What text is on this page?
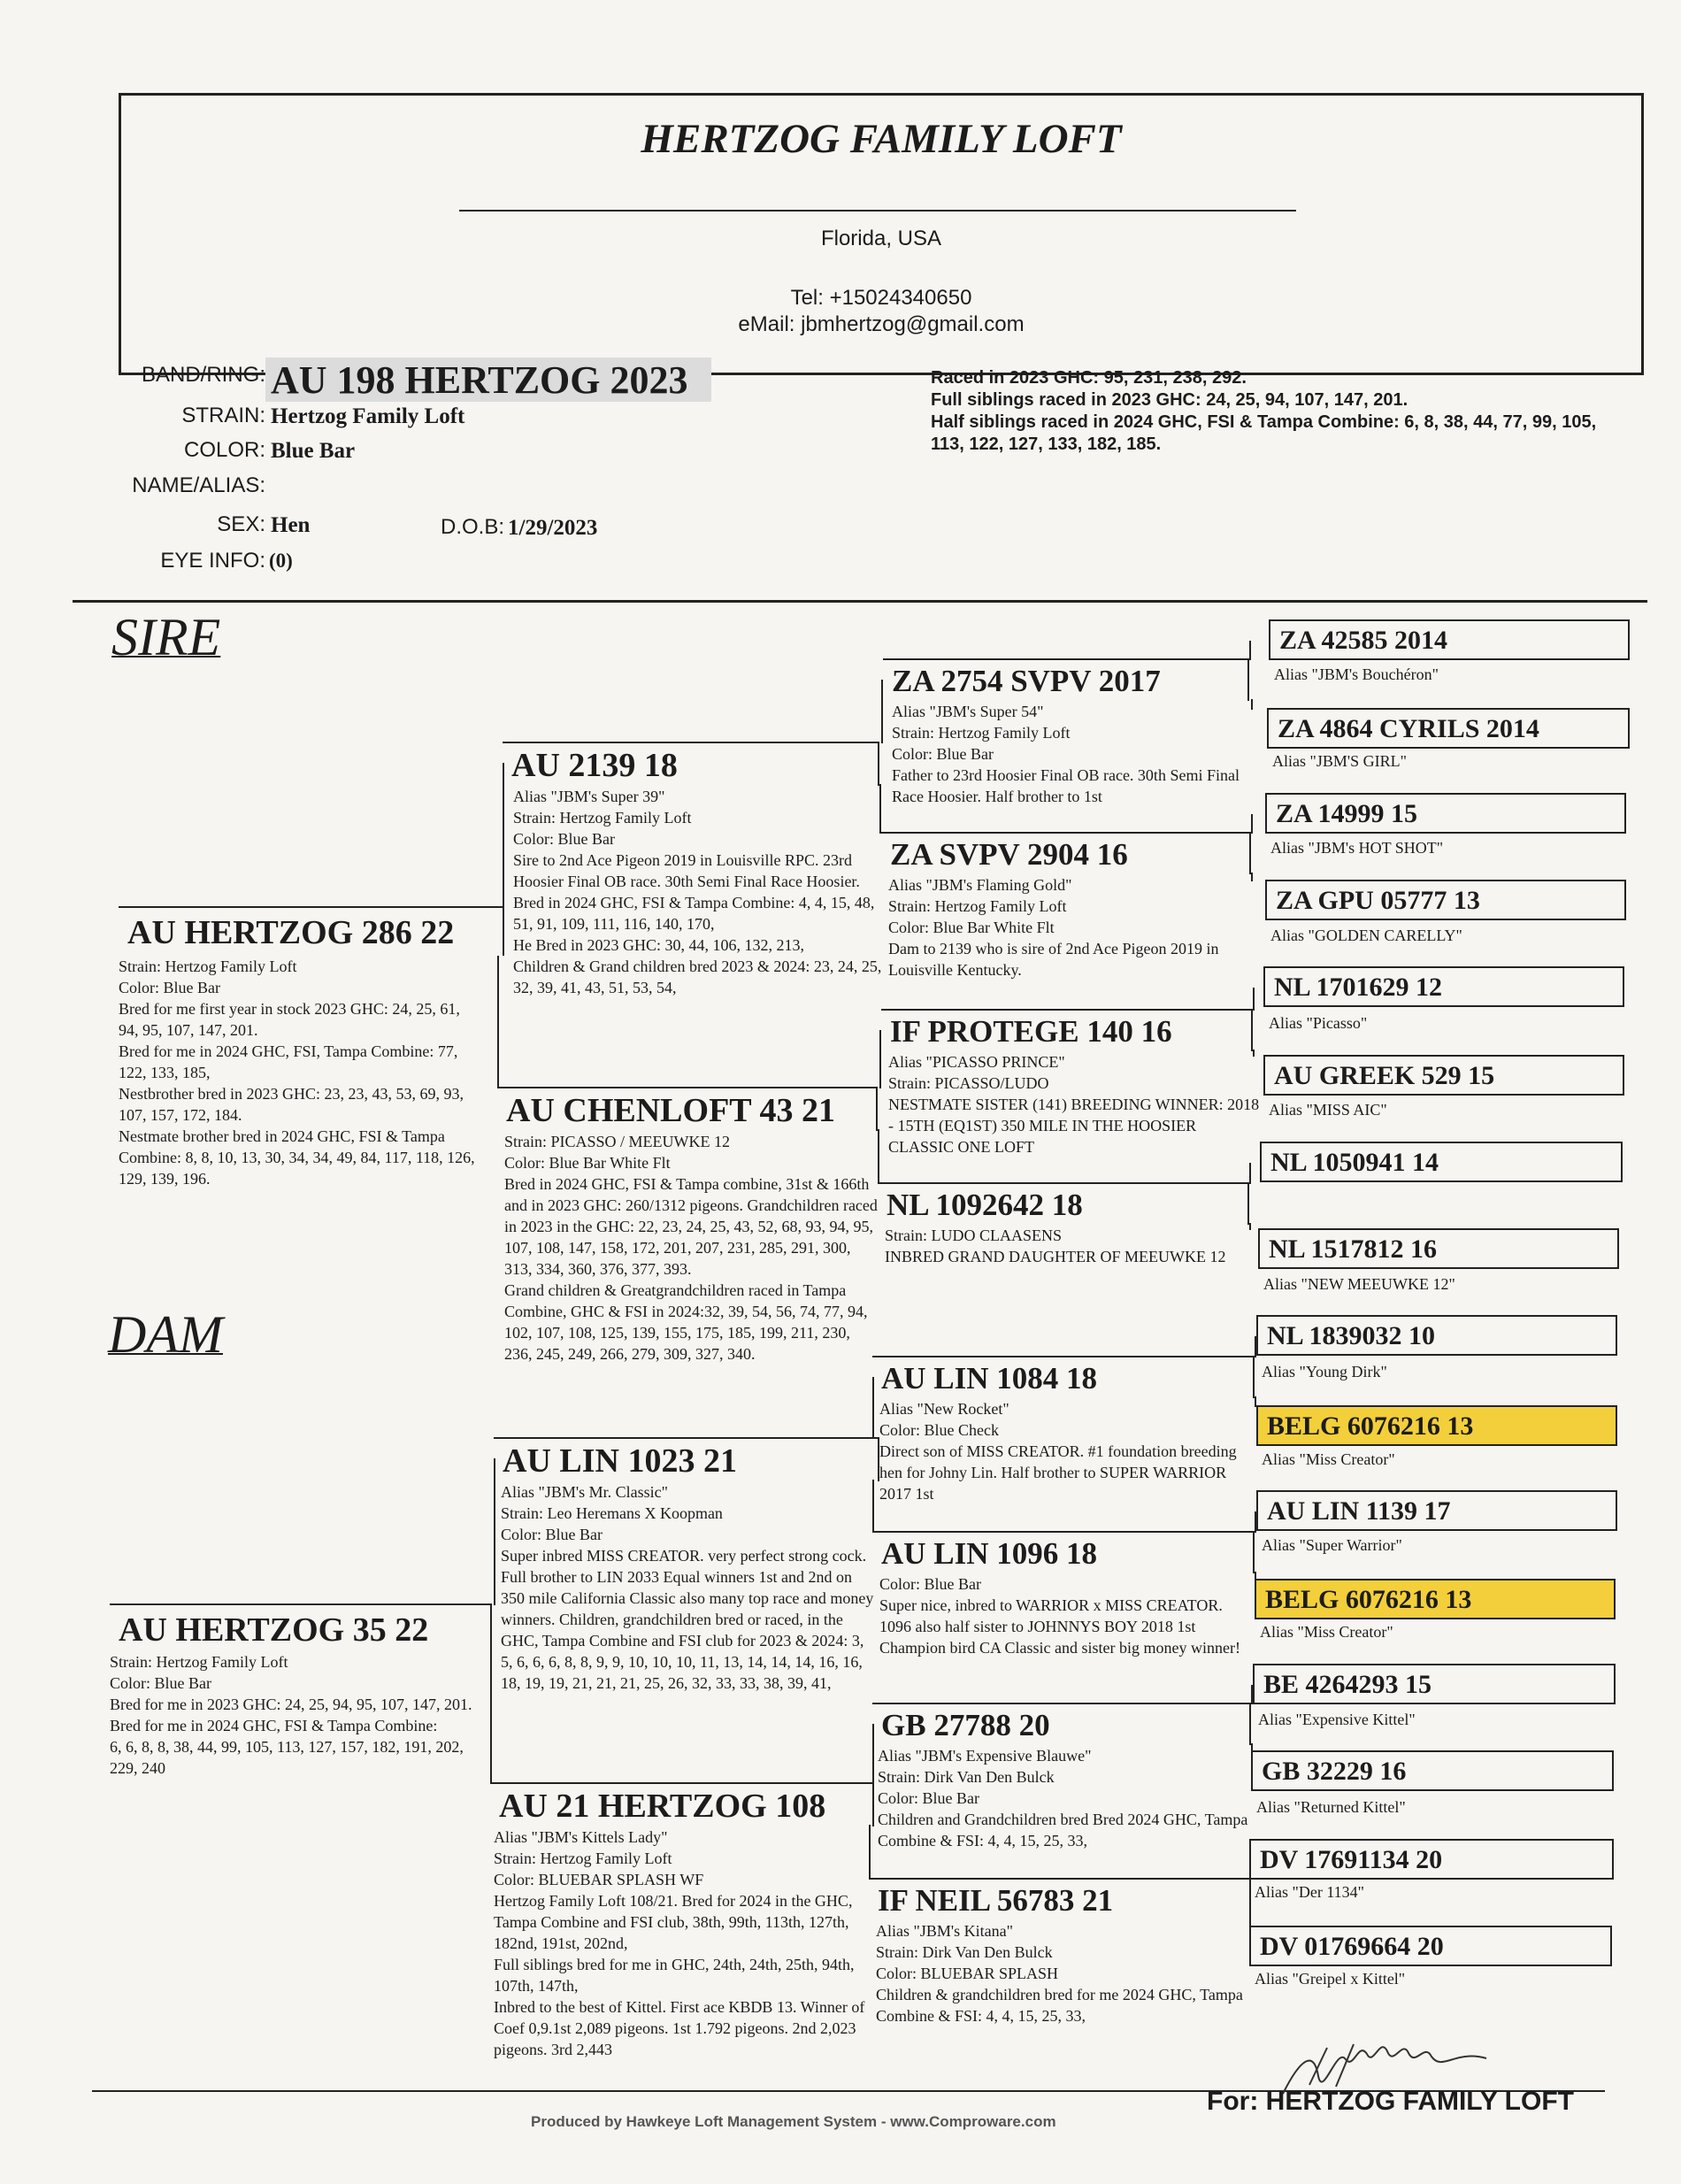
HERTZOG FAMILY LOFT
Florida, USA
Tel: +15024340650
eMail: jbmhertzog@gmail.com
BAND/RING: AU 198 HERTZOG 2023
STRAIN: Hertzog Family Loft
COLOR: Blue Bar
NAME/ALIAS:
SEX: Hen	D.O.B: 1/29/2023
EYE INFO: (0)
Raced in 2023 GHC: 95, 231, 238, 292.
Full siblings raced in 2023 GHC: 24, 25, 94, 107, 147, 201.
Half siblings raced in 2024 GHC, FSI & Tampa Combine: 6, 8, 38, 44, 77, 99, 105, 113, 122, 127, 133, 182, 185.
SIRE
DAM
AU HERTZOG 286 22
Strain: Hertzog Family Loft
Color: Blue Bar
Bred for me first year in stock 2023 GHC: 24, 25, 61, 94, 95, 107, 147, 201.
Bred for me in 2024 GHC, FSI, Tampa Combine: 77, 122, 133, 185,
Nestbrother bred in 2023 GHC: 23, 23, 43, 53, 69, 93, 107, 157, 172, 184.
Nestmate brother bred in 2024 GHC, FSI & Tampa Combine: 8, 8, 10, 13, 30, 34, 34, 49, 84, 117, 118, 126, 129, 139, 196.
AU HERTZOG 35 22
Strain: Hertzog Family Loft
Color: Blue Bar
Bred for me in 2023 GHC: 24, 25, 94, 95, 107, 147, 201.
Bred for me in 2024 GHC, FSI & Tampa Combine:
6, 6, 8, 8, 38, 44, 99, 105, 113, 127, 157, 182, 191, 202, 229, 240
AU 2139 18
Alias "JBM's Super 39"
Strain: Hertzog Family Loft
Color: Blue Bar
Sire to 2nd Ace Pigeon 2019 in Louisville RPC. 23rd Hoosier Final OB race. 30th Semi Final Race Hoosier.
Bred in 2024 GHC, FSI & Tampa Combine: 4, 4, 15, 48, 51, 91, 109, 111, 116, 140, 170,
He Bred in 2023 GHC: 30, 44, 106, 132, 213,
Children & Grand children bred 2023 & 2024: 23, 24, 25, 32, 39, 41, 43, 51, 53, 54,
AU CHENLOFT 43 21
Strain: PICASSO / MEEUWKE 12
Color: Blue Bar White Flt
Bred in 2024 GHC, FSI & Tampa combine, 31st & 166th and in 2023 GHC: 260/1312 pigeons. Grandchildren raced in 2023 in the GHC: 22, 23, 24, 25, 43, 52, 68, 93, 94, 95, 107, 108, 147, 158, 172, 201, 207, 231, 285, 291, 300, 313, 334, 360, 376, 377, 393.
Grand children & Greatgrandchildren raced in Tampa Combine, GHC & FSI in 2024:32, 39, 54, 56, 74, 77, 94, 102, 107, 108, 125, 139, 155, 175, 185, 199, 211, 230, 236, 245, 249, 266, 279, 309, 327, 340.
AU LIN 1023 21
Alias "JBM's Mr. Classic"
Strain: Leo Heremans X Koopman
Color: Blue Bar
Super inbred MISS CREATOR. very perfect strong cock. Full brother to LIN 2033 Equal winners 1st and 2nd on 350 mile California Classic also many top race and money winners. Children, grandchildren bred or raced, in the GHC, Tampa Combine and FSI club for 2023 & 2024: 3, 5, 6, 6, 6, 8, 8, 9, 9, 10, 10, 10, 11, 13, 14, 14, 14, 16, 16, 18, 19, 19, 21, 21, 21, 25, 26, 32, 33, 33, 38, 39, 41,
AU 21 HERTZOG 108
Alias "JBM's Kittels Lady"
Strain: Hertzog Family Loft
Color: BLUEBAR SPLASH WF
Hertzog Family Loft 108/21. Bred for 2024 in the GHC, Tampa Combine and FSI club, 38th, 99th, 113th, 127th, 182nd, 191st, 202nd,
Full siblings bred for me in GHC, 24th, 24th, 25th, 94th, 107th, 147th,
Inbred to the best of Kittel. First ace KBDB 13. Winner of Coef 0,9.1st 2,089 pigeons. 1st 1.792 pigeons. 2nd 2,023 pigeons. 3rd 2,443
ZA 2754 SVPV 2017
Alias "JBM's Super 54"
Strain: Hertzog Family Loft
Color: Blue Bar
Father to 23rd Hoosier Final OB race. 30th Semi Final Race Hoosier. Half brother to 1st
ZA SVPV 2904 16
Alias "JBM's Flaming Gold"
Strain: Hertzog Family Loft
Color: Blue Bar White Flt
Dam to 2139 who is sire of 2nd Ace Pigeon 2019 in Louisville Kentucky.
IF PROTEGE 140 16
Alias "PICASSO PRINCE"
Strain: PICASSO/LUDO
NESTMATE SISTER (141) BREEDING WINNER: 2018 - 15TH (EQ1ST) 350 MILE IN THE HOOSIER CLASSIC ONE LOFT
NL 1092642 18
Strain: LUDO CLAASENS
INBRED GRAND DAUGHTER OF MEEUWKE 12
AU LIN 1084 18
Alias "New Rocket"
Color: Blue Check
Direct son of MISS CREATOR. #1 foundation breeding hen for Johny Lin. Half brother to SUPER WARRIOR 2017 1st
AU LIN 1096 18
Color: Blue Bar
Super nice, inbred to WARRIOR x MISS CREATOR. 1096 also half sister to JOHNNYS BOY 2018 1st Champion bird CA Classic and sister big money winner!
GB 27788 20
Alias "JBM's Expensive Blauwe"
Strain: Dirk Van Den Bulck
Color: Blue Bar
Children and Grandchildren bred Bred 2024 GHC, Tampa Combine & FSI: 4, 4, 15, 25, 33,
IF NEIL 56783 21
Alias "JBM's Kitana"
Strain: Dirk Van Den Bulck
Color: BLUEBAR SPLASH
Children & grandchildren bred for me 2024 GHC, Tampa Combine & FSI: 4, 4, 15, 25, 33,
ZA 42585 2014
Alias "JBM's Bouchéron"
ZA 4864 CYRILS 2014
Alias "JBM'S GIRL"
ZA 14999 15
Alias "JBM's HOT SHOT"
ZA GPU 05777 13
Alias "GOLDEN CARELLY"
NL 1701629 12
Alias "Picasso"
AU GREEK 529 15
Alias "MISS AIC"
NL 1050941 14
NL 1517812 16
Alias "NEW MEEUWKE 12"
NL 1839032 10
Alias "Young Dirk"
BELG 6076216 13
Alias "Miss Creator"
AU LIN 1139 17
Alias "Super Warrior"
BELG 6076216 13
Alias "Miss Creator"
BE 4264293 15
Alias "Expensive Kittel"
GB 32229 16
Alias "Returned Kittel"
DV 17691134 20
Alias "Der 1134"
DV 01769664 20
Alias "Greipel x Kittel"
Produced by Hawkeye Loft Management System - www.Comproware.com
For: HERTZOG FAMILY LOFT
